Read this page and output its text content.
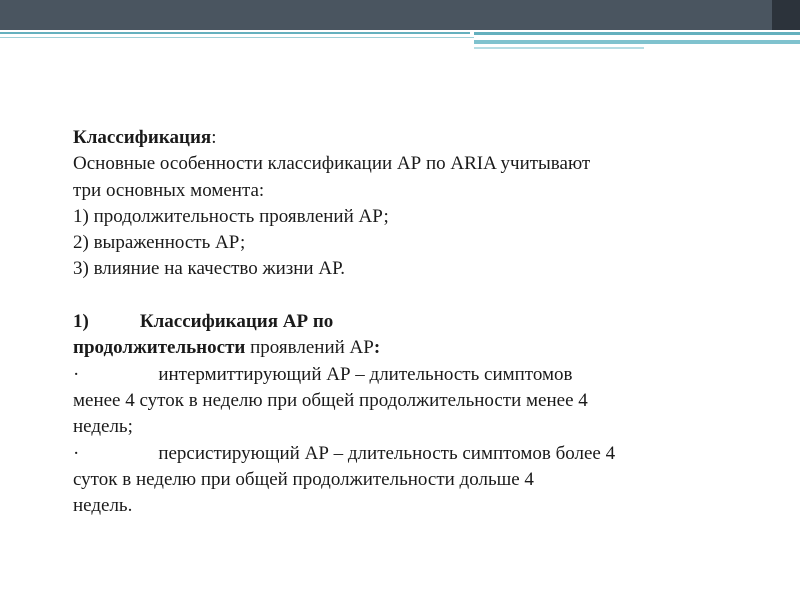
Классификация:
Основные особенности классификации АР по ARIA учитывают
три основных момента:
1) продолжительность проявлений АР;
2) выраженность АР;
3) влияние на качество жизни АР.
1)	Классификация АР по
продолжительности проявлений АР:
·	интермиттирующий АР – длительность симптомов
менее 4 суток в неделю при общей продолжительности менее 4
недель;
·	персистирующий АР – длительность симптомов более 4
суток в неделю при общей продолжительности дольше 4
недель.
